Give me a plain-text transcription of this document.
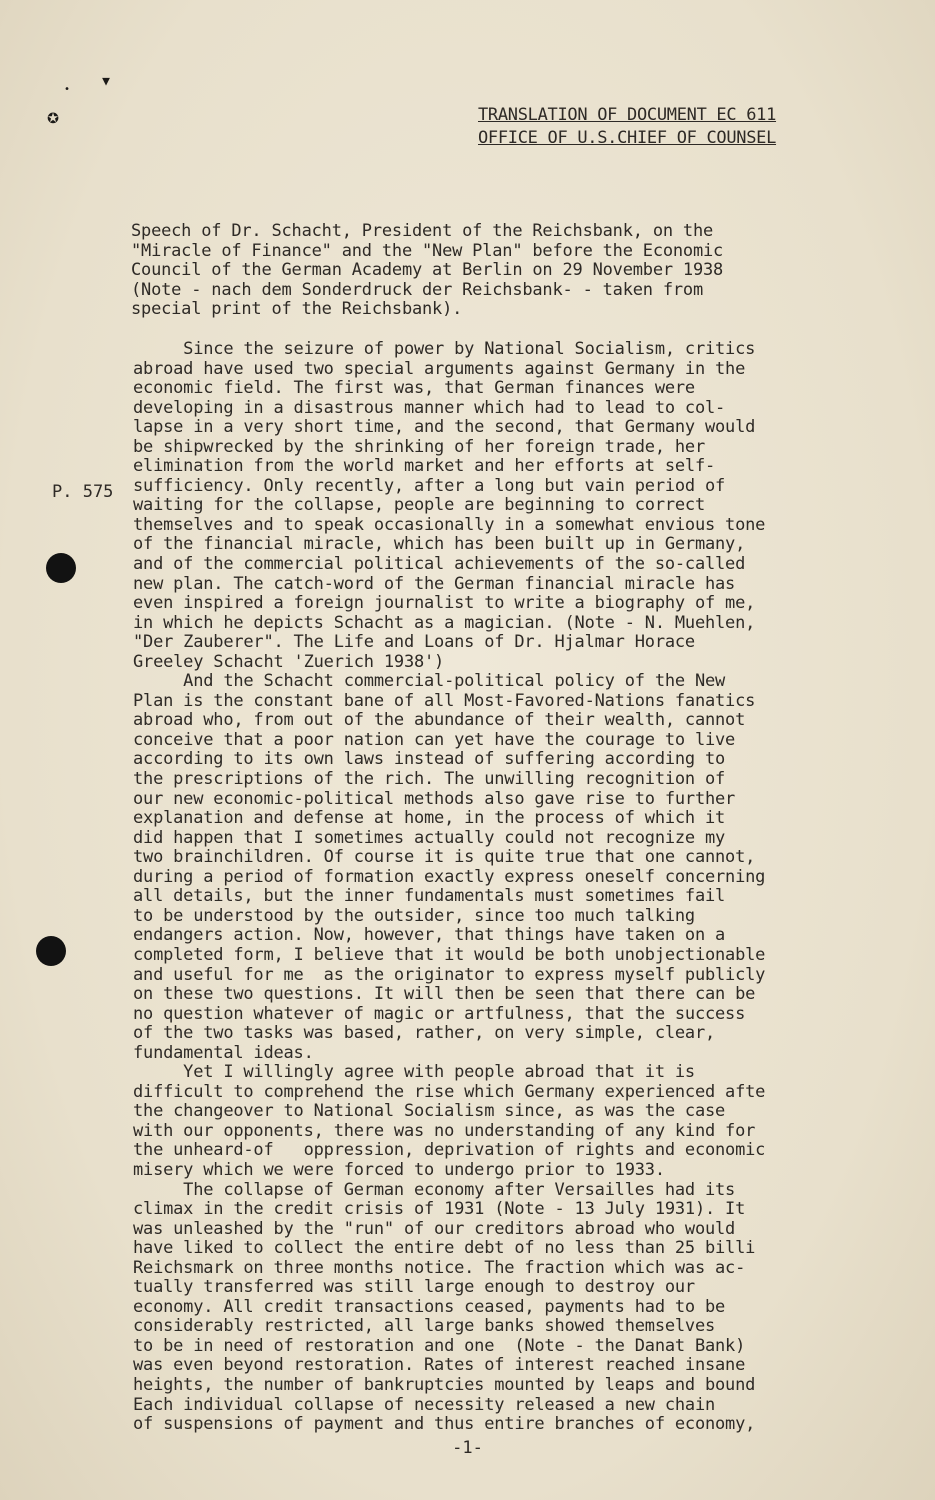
▾
•
✪	TRANSLATION OF DOCUMENT EC 611
OFFICE OF U.S.CHIEF OF COUNSEL
Speech of Dr. Schacht, President of the Reichsbank, on the
"Miracle of Finance" and the "New Plan" before the Economic
Council of the German Academy at Berlin on 29 November 1938
(Note - nach dem Sonderdruck der Reichsbank- - taken from
special print of the Reichsbank).
P. 575
Since the seizure of power by National Socialism, critics
abroad have used two special arguments against Germany in the
economic field. The first was, that German finances were
developing in a disastrous manner which had to lead to col-
lapse in a very short time, and the second, that Germany would
be shipwrecked by the shrinking of her foreign trade, her
elimination from the world market and her efforts at self-
sufficiency. Only recently, after a long but vain period of
waiting for the collapse, people are beginning to correct
themselves and to speak occasionally in a somewhat envious tone
of the financial miracle, which has been built up in Germany,
and of the commercial political achievements of the so-called
new plan. The catch-word of the German financial miracle has
even inspired a foreign journalist to write a biography of me,
in which he depicts Schacht as a magician. (Note - N. Muehlen,
"Der Zauberer". The Life and Loans of Dr. Hjalmar Horace
Greeley Schacht 'Zuerich 1938')
And the Schacht commercial-political policy of the New
Plan is the constant bane of all Most-Favored-Nations fanatics
abroad who, from out of the abundance of their wealth, cannot
conceive that a poor nation can yet have the courage to live
according to its own laws instead of suffering according to
the prescriptions of the rich. The unwilling recognition of
our new economic-political methods also gave rise to further
explanation and defense at home, in the process of which it
did happen that I sometimes actually could not recognize my
two brainchildren. Of course it is quite true that one cannot,
during a period of formation exactly express oneself concerning
all details, but the inner fundamentals must sometimes fail
to be understood by the outsider, since too much talking
endangers action. Now, however, that things have taken on a
completed form, I believe that it would be both unobjectionable
and useful for me  as the originator to express myself publicly
on these two questions. It will then be seen that there can be
no question whatever of magic or artfulness, that the success
of the two tasks was based, rather, on very simple, clear,
fundamental ideas.
Yet I willingly agree with people abroad that it is
difficult to comprehend the rise which Germany experienced afte
the changeover to National Socialism since, as was the case
with our opponents, there was no understanding of any kind for
the unheard-of   oppression, deprivation of rights and economic
misery which we were forced to undergo prior to 1933.
The collapse of German economy after Versailles had its
climax in the credit crisis of 1931 (Note - 13 July 1931). It
was unleashed by the "run" of our creditors abroad who would
have liked to collect the entire debt of no less than 25 billi
Reichsmark on three months notice. The fraction which was ac-
tually transferred was still large enough to destroy our
economy. All credit transactions ceased, payments had to be
considerably restricted, all large banks showed themselves
to be in need of restoration and one  (Note - the Danat Bank)
was even beyond restoration. Rates of interest reached insane
heights, the number of bankruptcies mounted by leaps and bound
Each individual collapse of necessity released a new chain
of suspensions of payment and thus entire branches of economy,
-1-
